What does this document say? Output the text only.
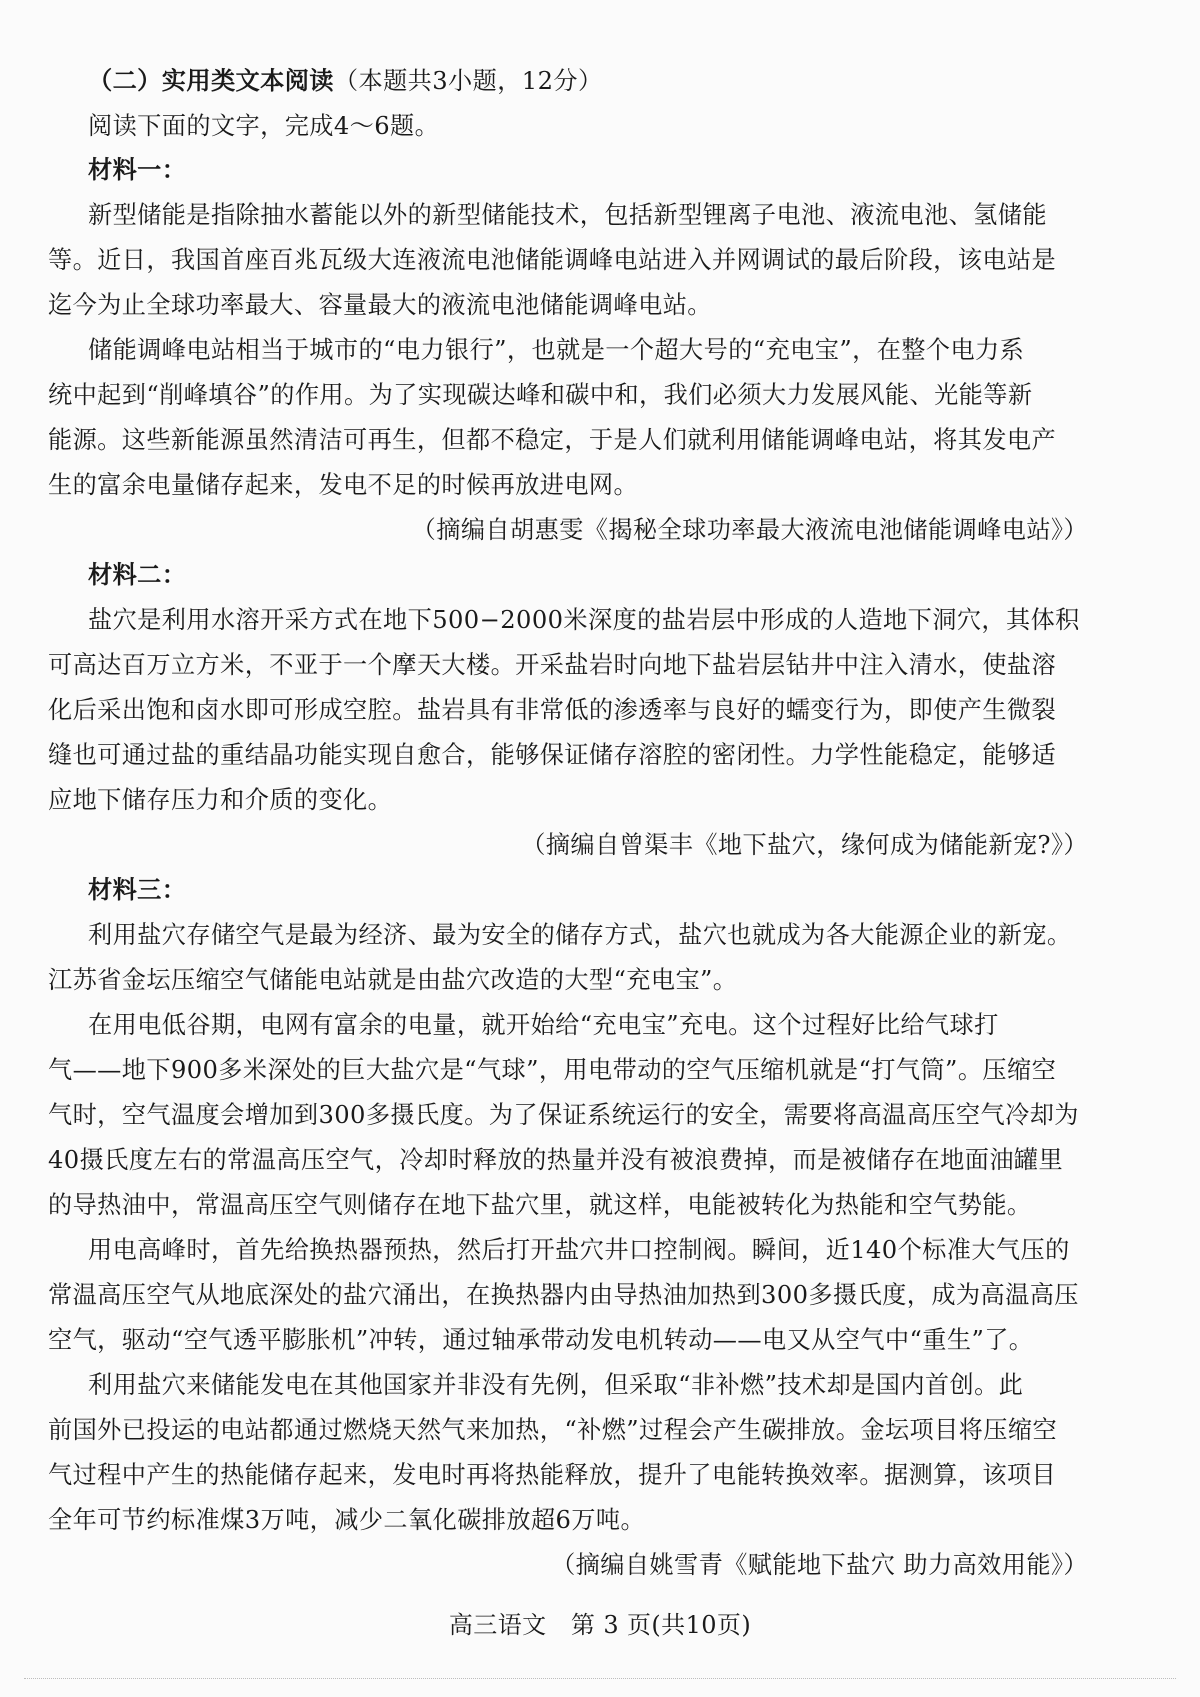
（二）实用类文本阅读（本题共3小题，12分）
阅读下面的文字，完成4～6题。
材料一：
新型储能是指除抽水蓄能以外的新型储能技术，包括新型锂离子电池、液流电池、氢储能
等。近日，我国首座百兆瓦级大连液流电池储能调峰电站进入并网调试的最后阶段，该电站是
迄今为止全球功率最大、容量最大的液流电池储能调峰电站。
储能调峰电站相当于城市的“电力银行”，也就是一个超大号的“充电宝”，在整个电力系
统中起到“削峰填谷”的作用。为了实现碳达峰和碳中和，我们必须大力发展风能、光能等新
能源。这些新能源虽然清洁可再生，但都不稳定，于是人们就利用储能调峰电站，将其发电产
生的富余电量储存起来，发电不足的时候再放进电网。
（摘编自胡惠雯《揭秘全球功率最大液流电池储能调峰电站》）
材料二：
盐穴是利用水溶开采方式在地下500−2000米深度的盐岩层中形成的人造地下洞穴，其体积
可高达百万立方米，不亚于一个摩天大楼。开采盐岩时向地下盐岩层钻井中注入清水，使盐溶
化后采出饱和卤水即可形成空腔。盐岩具有非常低的渗透率与良好的蠕变行为，即使产生微裂
缝也可通过盐的重结晶功能实现自愈合，能够保证储存溶腔的密闭性。力学性能稳定，能够适
应地下储存压力和介质的变化。
（摘编自曾渠丰《地下盐穴，缘何成为储能新宠?》）
材料三：
利用盐穴存储空气是最为经济、最为安全的储存方式，盐穴也就成为各大能源企业的新宠。
江苏省金坛压缩空气储能电站就是由盐穴改造的大型“充电宝”。
在用电低谷期，电网有富余的电量，就开始给“充电宝”充电。这个过程好比给气球打
气——地下900多米深处的巨大盐穴是“气球”，用电带动的空气压缩机就是“打气筒”。压缩空
气时，空气温度会增加到300多摄氏度。为了保证系统运行的安全，需要将高温高压空气冷却为
40摄氏度左右的常温高压空气，冷却时释放的热量并没有被浪费掉，而是被储存在地面油罐里
的导热油中，常温高压空气则储存在地下盐穴里，就这样，电能被转化为热能和空气势能。
用电高峰时，首先给换热器预热，然后打开盐穴井口控制阀。瞬间，近140个标准大气压的
常温高压空气从地底深处的盐穴涌出，在换热器内由导热油加热到300多摄氏度，成为高温高压
空气，驱动“空气透平膨胀机”冲转，通过轴承带动发电机转动——电又从空气中“重生”了。
利用盐穴来储能发电在其他国家并非没有先例，但采取“非补燃”技术却是国内首创。此
前国外已投运的电站都通过燃烧天然气来加热，“补燃”过程会产生碳排放。金坛项目将压缩空
气过程中产生的热能储存起来，发电时再将热能释放，提升了电能转换效率。据测算，该项目
全年可节约标准煤3万吨，减少二氧化碳排放超6万吨。
（摘编自姚雪青《赋能地下盐穴 助力高效用能》）
高三语文　第 3 页(共10页)
